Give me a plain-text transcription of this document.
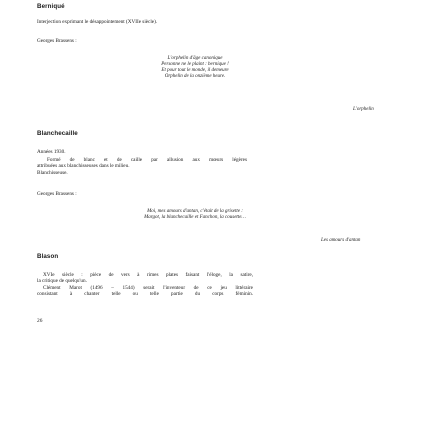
Berniqué

Interjection exprimant le désappointement (XVIIe siècle).

Georges Brassens :

L'orphelin d'âge canonique
Personne ne le plaint : bernique !
Et pour tout le monde, il demeure
Orphelin de la onzième heure.

L'orphelin

Blanchecaille

Années 1930.

Formé de blanc et de caille par allusion aux mœurs légères
attribuées aux blanchisseuses dans le milieu.
Blanchisseuse.

Georges Brassens :

Moi, mes amours d'antan, c'était de la grisette :
Margot, la blanchecaille et Fanchon, la cousette…

Les amours d'antan

Blason

XVIe siècle : pièce de vers à rimes plates faisant l'éloge, la satire,
la critique de quelqu'un.
Clément Marot (1496 – 1544) serait l'inventeur de ce jeu littéraire
consistant à chanter telle ou telle partie du corps féminin.

26
